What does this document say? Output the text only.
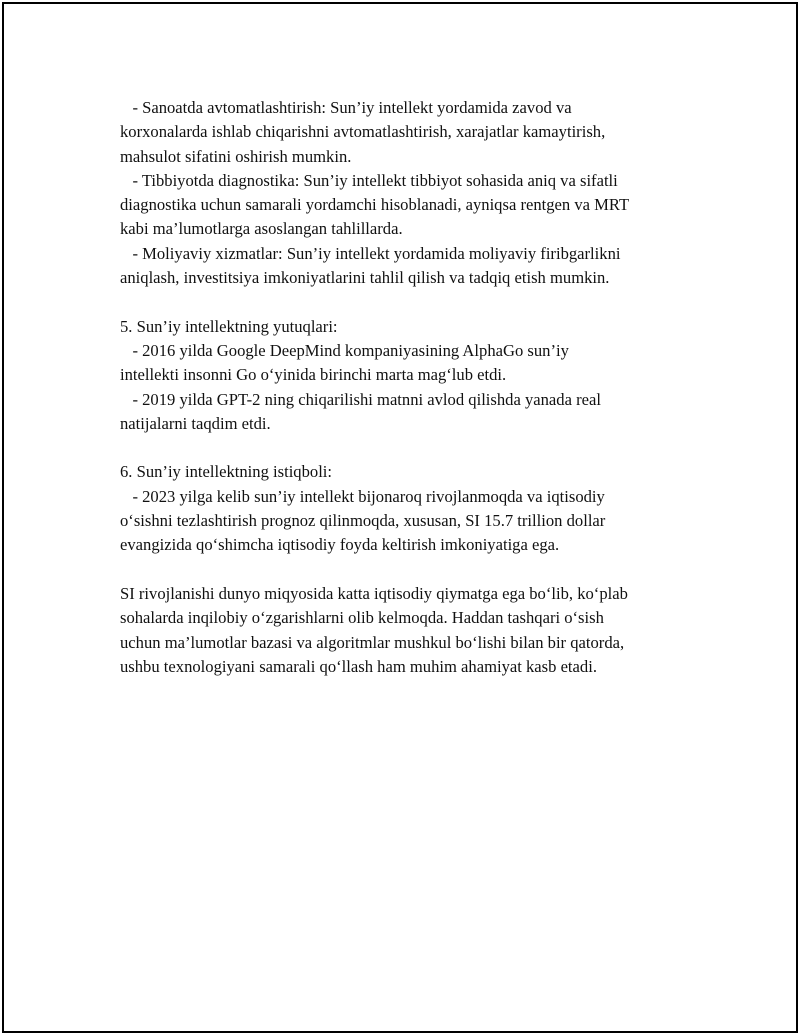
- Sanoatda avtomatlashtirish: Sun’iy intellekt yordamida zavod va
korxonalarda ishlab chiqarishni avtomatlashtirish, xarajatlar kamaytirish,
mahsulot sifatini oshirish mumkin.
- Tibbiyotda diagnostika: Sun’iy intellekt tibbiyot sohasida aniq va sifatli
diagnostika uchun samarali yordamchi hisoblanadi, ayniqsa rentgen va MRT
kabi ma’lumotlarga asoslangan tahlillarda.
- Moliyaviy xizmatlar: Sun’iy intellekt yordamida moliyaviy firibgarlikni
aniqlash, investitsiya imkoniyatlarini tahlil qilish va tadqiq etish mumkin.
5. Sun’iy intellektning yutuqlari:
- 2016 yilda Google DeepMind kompaniyasining AlphaGo sun’iy
intellekti insonni Go o‘yinida birinchi marta mag‘lub etdi.
- 2019 yilda GPT-2 ning chiqarilishi matnni avlod qilishda yanada real
natijalarni taqdim etdi.
6. Sun’iy intellektning istiqboli:
- 2023 yilga kelib sun’iy intellekt bijonaroq rivojlanmoqda va iqtisodiy
o‘sishni tezlashtirish prognoz qilinmoqda, xususan, SI 15.7 trillion dollar
evangizida qo‘shimcha iqtisodiy foyda keltirish imkoniyatiga ega.
SI rivojlanishi dunyo miqyosida katta iqtisodiy qiymatga ega bo‘lib, ko‘plab
sohalarda inqilobiy o‘zgarishlarni olib kelmoqda. Haddan tashqari o‘sish
uchun ma’lumotlar bazasi va algoritmlar mushkul bo‘lishi bilan bir qatorda,
ushbu texnologiyani samarali qo‘llash ham muhim ahamiyat kasb etadi.
